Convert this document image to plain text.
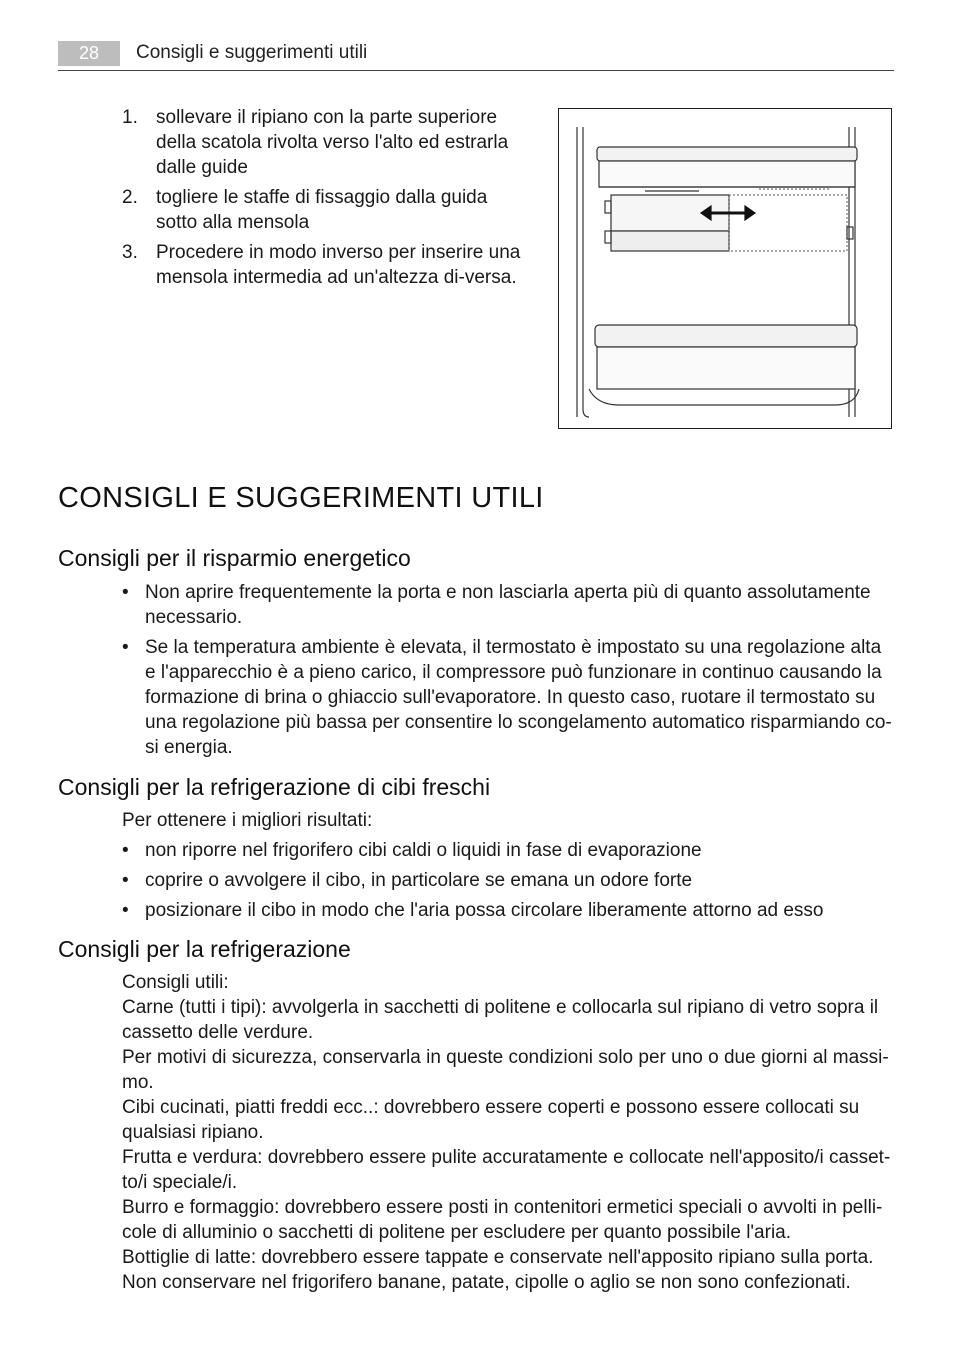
28	Consigli e suggerimenti utili
1. sollevare il ripiano con la parte superiore della scatola rivolta verso l'alto ed estrarla dalle guide
2. togliere le staffe di fissaggio dalla guida sotto alla mensola
3. Procedere in modo inverso per inserire una mensola intermedia ad un'altezza di-versa.
CONSIGLI E SUGGERIMENTI UTILI
Consigli per il risparmio energetico
• Non aprire frequentemente la porta e non lasciarla aperta più di quanto assolutamente necessario.
• Se la temperatura ambiente è elevata, il termostato è impostato su una regolazione alta e l'apparecchio è a pieno carico, il compressore può funzionare in continuo causando la formazione di brina o ghiaccio sull'evaporatore. In questo caso, ruotare il termostato su una regolazione più bassa per consentire lo scongelamento automatico risparmiando co-si energia.
Consigli per la refrigerazione di cibi freschi

Per ottenere i migliori risultati:

• non riporre nel frigorifero cibi caldi o liquidi in fase di evaporazione
• coprire o avvolgere il cibo, in particolare se emana un odore forte
• posizionare il cibo in modo che l'aria possa circolare liberamente attorno ad esso
Consigli per la refrigerazione
Consigli utili:
Carne (tutti i tipi): avvolgerla in sacchetti di politene e collocarla sul ripiano di vetro sopra il cassetto delle verdure.
Per motivi di sicurezza, conservarla in queste condizioni solo per uno o due giorni al massi-mo.
Cibi cucinati, piatti freddi ecc..: dovrebbero essere coperti e possono essere collocati su qualsiasi ripiano.
Frutta e verdura: dovrebbero essere pulite accuratamente e collocate nell'apposito/i casset-to/i speciale/i.
Burro e formaggio: dovrebbero essere posti in contenitori ermetici speciali o avvolti in pelli-cole di alluminio o sacchetti di politene per escludere per quanto possibile l'aria.
Bottiglie di latte: dovrebbero essere tappate e conservate nell'apposito ripiano sulla porta.
Non conservare nel frigorifero banane, patate, cipolle o aglio se non sono confezionati.
